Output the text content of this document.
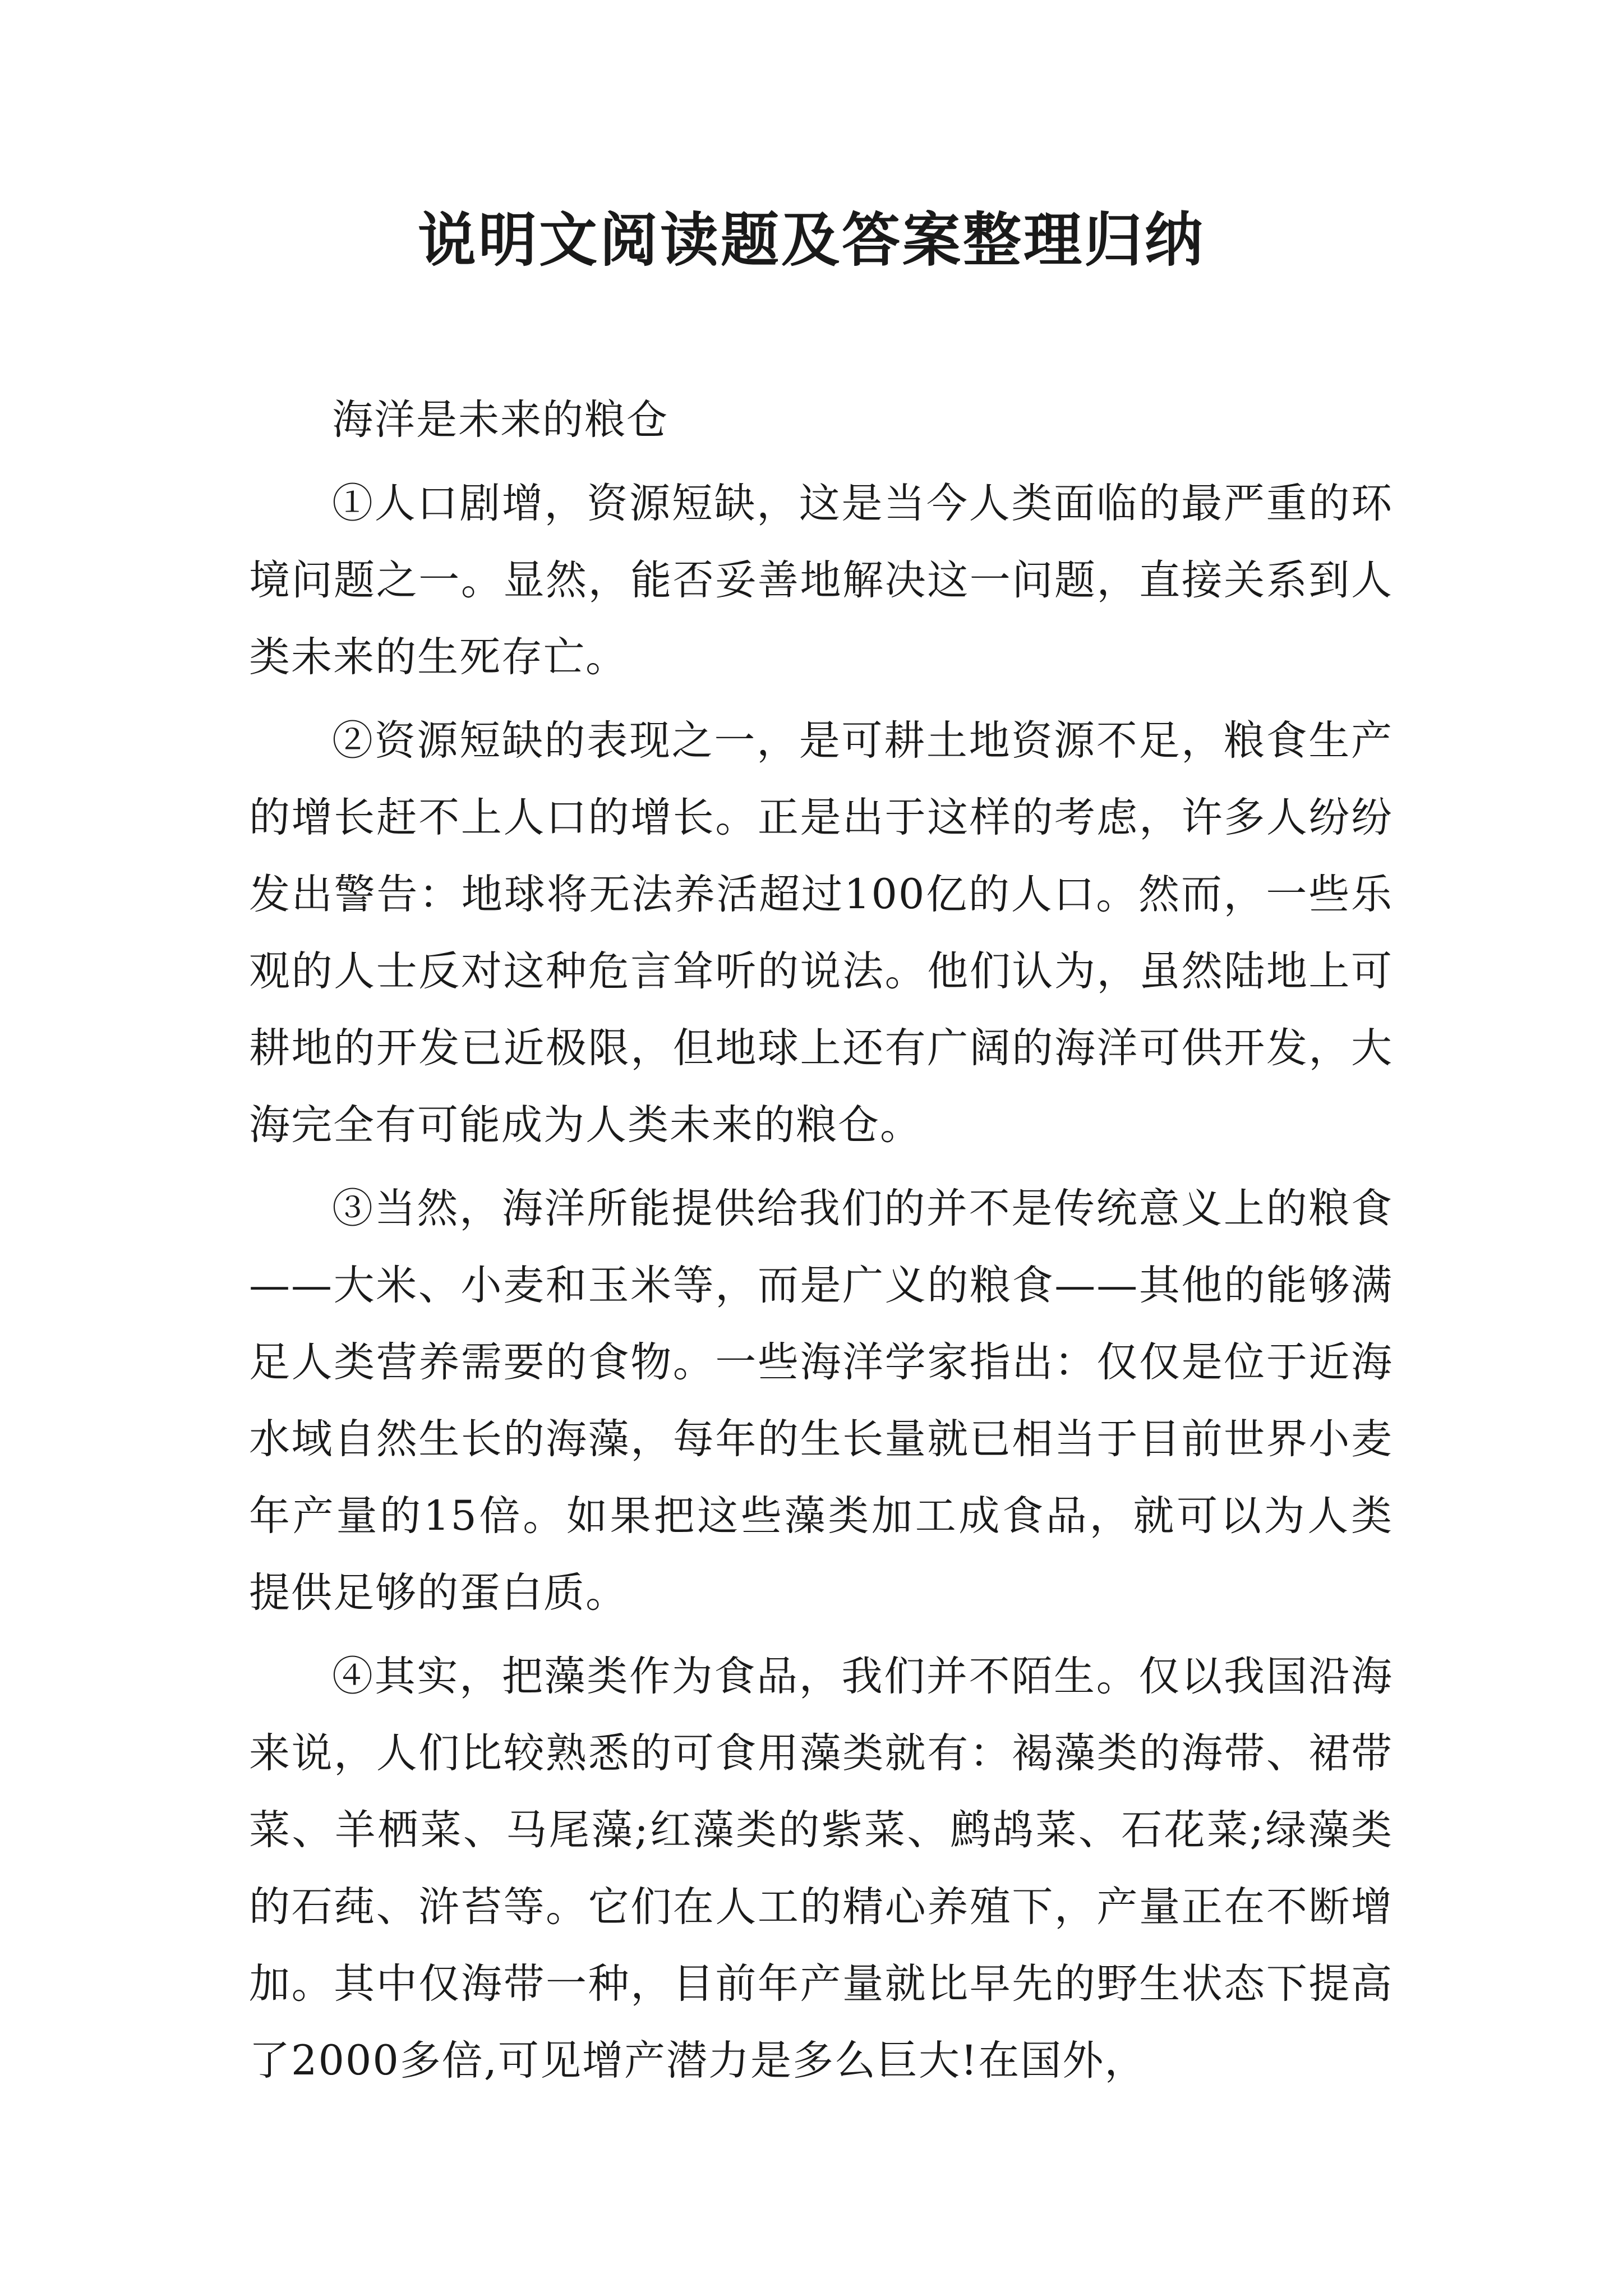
说明文阅读题及答案整理归纳

海洋是未来的粮仓

①人口剧增，资源短缺，这是当今人类面临的最严重的环境问题之一。显然，能否妥善地解决这一问题，直接关系到人类未来的生死存亡。

②资源短缺的表现之一，是可耕土地资源不足，粮食生产的增长赶不上人口的增长。正是出于这样的考虑，许多人纷纷发出警告：地球将无法养活超过100亿的人口。然而，一些乐观的人士反对这种危言耸听的说法。他们认为，虽然陆地上可耕地的开发已近极限，但地球上还有广阔的海洋可供开发，大海完全有可能成为人类未来的粮仓。

③当然，海洋所能提供给我们的并不是传统意义上的粮食——大米、小麦和玉米等，而是广义的粮食——其他的能够满足人类营养需要的食物。一些海洋学家指出：仅仅是位于近海水域自然生长的海藻，每年的生长量就已相当于目前世界小麦年产量的15倍。如果把这些藻类加工成食品，就可以为人类提供足够的蛋白质。

④其实，把藻类作为食品，我们并不陌生。仅以我国沿海来说，人们比较熟悉的可食用藻类就有：褐藻类的海带、裙带菜、羊栖菜、马尾藻;红藻类的紫菜、鹧鸪菜、石花菜;绿藻类的石莼、浒苔等。它们在人工的精心养殖下，产量正在不断增加。其中仅海带一种，目前年产量就比早先的野生状态下提高了2000多倍,可见增产潜力是多么巨大!在国外，
